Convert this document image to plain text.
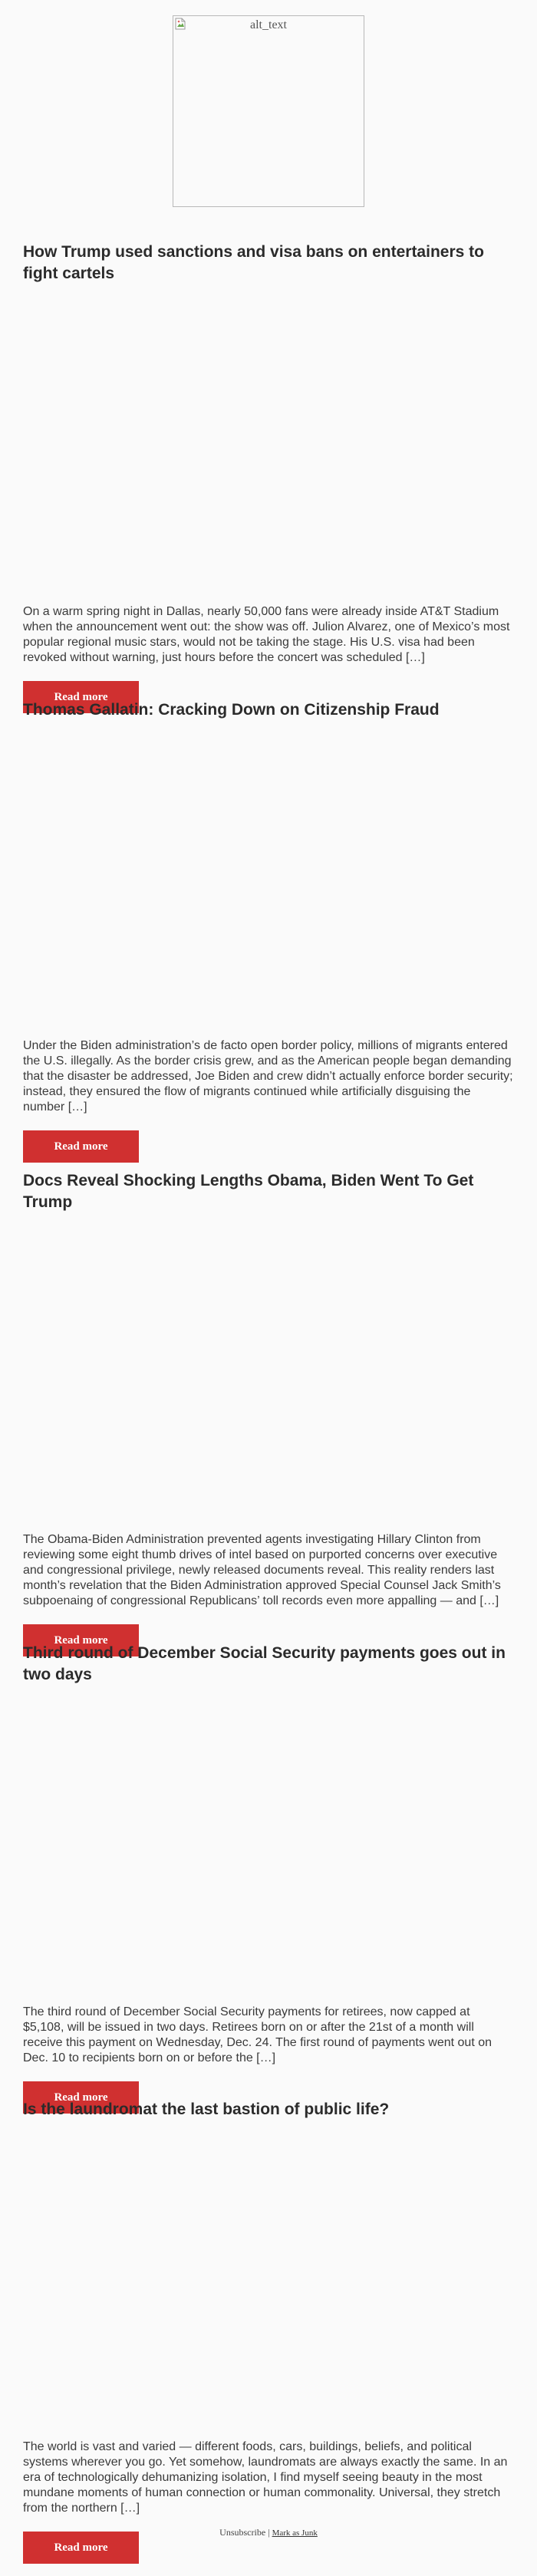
alt_text
How Trump used sanctions and visa bans on entertainers to fight cartels

On a warm spring night in Dallas, nearly 50,000 fans were already inside AT&T Stadium when the announcement went out: the show was off. Julion Alvarez, one of Mexico’s most popular regional music stars, would not be taking the stage. His U.S. visa had been revoked without warning, just hours before the concert was scheduled […]

Read more
Thomas Gallatin: Cracking Down on Citizenship Fraud

Under the Biden administration’s de facto open border policy, millions of migrants entered the U.S. illegally. As the border crisis grew, and as the American people began demanding that the disaster be addressed, Joe Biden and crew didn’t actually enforce border security; instead, they ensured the flow of migrants continued while artificially disguising the number […]

Read more
Docs Reveal Shocking Lengths Obama, Biden Went To Get Trump

The Obama-Biden Administration prevented agents investigating Hillary Clinton from reviewing some eight thumb drives of intel based on purported concerns over executive and congressional privilege, newly released documents reveal. This reality renders last month’s revelation that the Biden Administration approved Special Counsel Jack Smith’s subpoenaing of congressional Republicans’ toll records even more appalling — and […]

Read more
Third round of December Social Security payments goes out in two days

The third round of December Social Security payments for retirees, now capped at $5,108, will be issued in two days. Retirees born on or after the 21st of a month will receive this payment on Wednesday, Dec. 24. The first round of payments went out on Dec. 10 to recipients born on or before the […]

Read more
Is the laundromat the last bastion of public life?

The world is vast and varied — different foods, cars, buildings, beliefs, and political systems wherever you go. Yet somehow, laundromats are always exactly the same. In an era of technologically dehumanizing isolation, I find myself seeing beauty in the most mundane moments of human connection or human commonality. Universal, they stretch from the northern […]

Read more
Unsubscribe | Mark as Junk
